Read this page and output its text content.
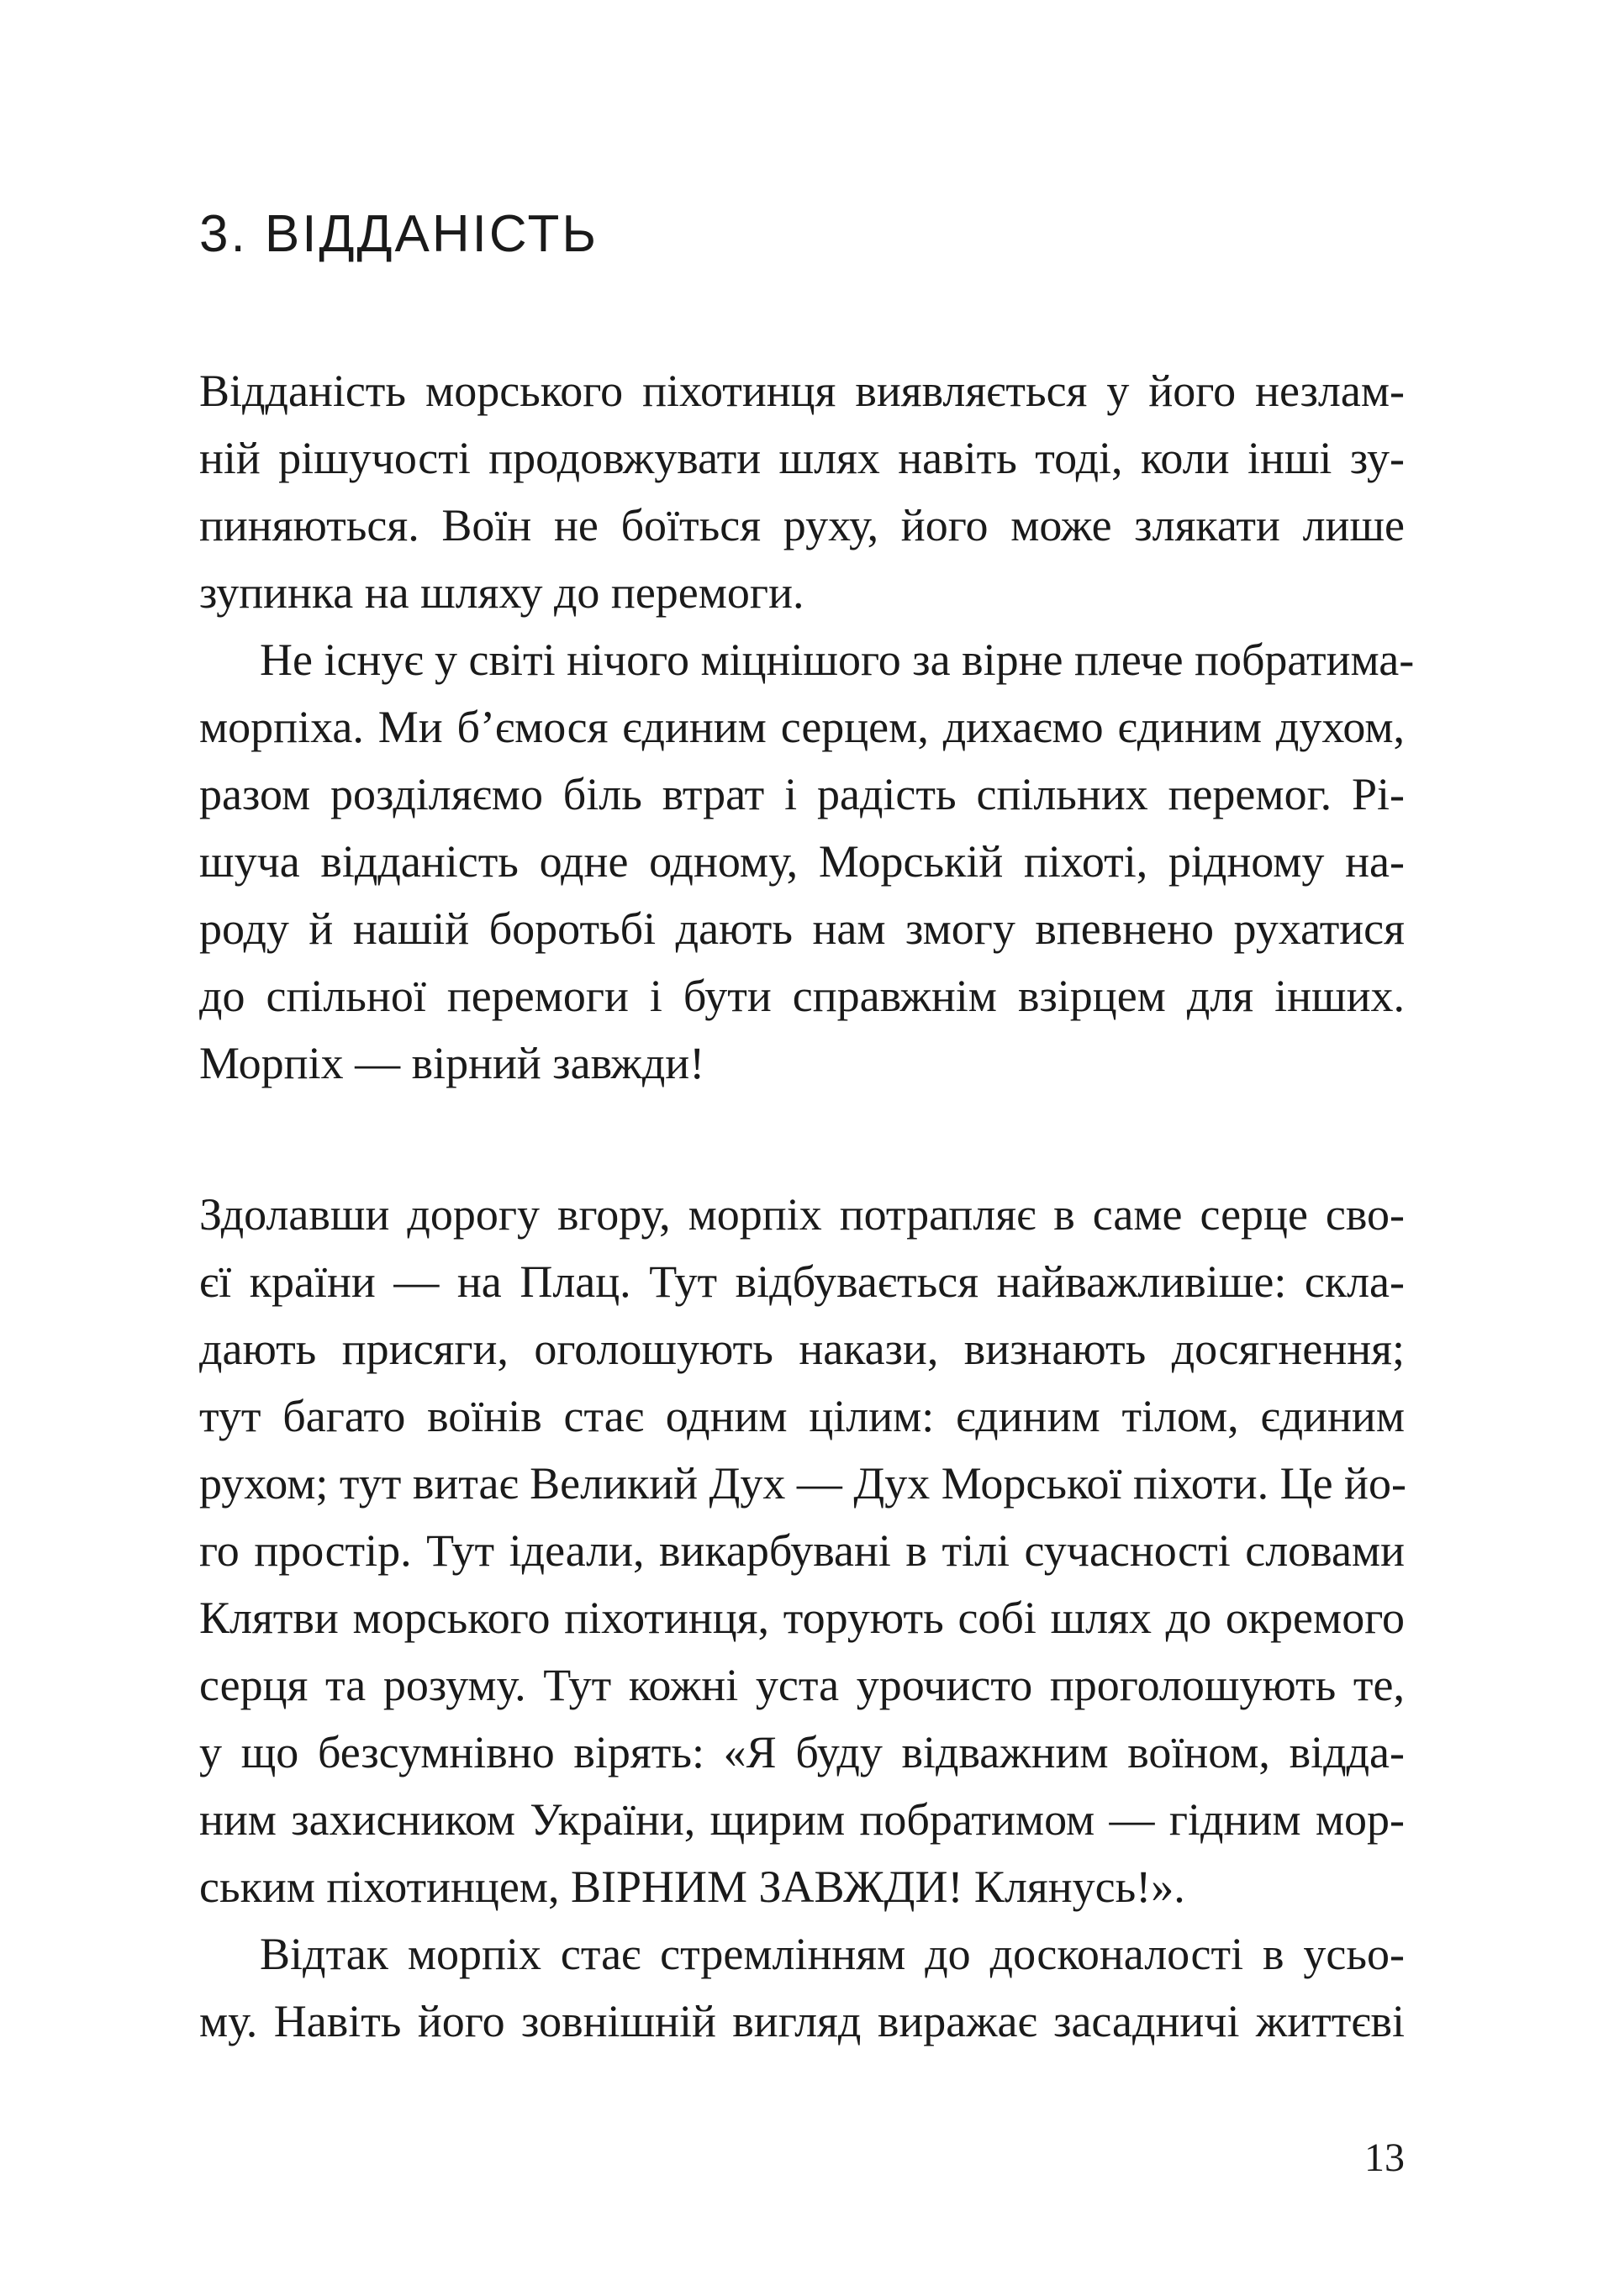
3. ВІДДАНІСТЬ
Відданість морського піхотинця виявляється у його незлам-
ній рішучості продовжувати шлях навіть тоді, коли інші зу-
пиняються. Воїн не боїться руху, його може злякати лише
зупинка на шляху до перемоги.
Не існує у світі нічого міцнішого за вірне плече побратима-
морпіха. Ми б’ємося єдиним серцем, дихаємо єдиним духом,
разом розділяємо біль втрат і радість спільних перемог. Рі-
шуча відданість одне одному, Морській піхоті, рідному на-
роду й нашій боротьбі дають нам змогу впевнено рухатися
до спільної перемоги і бути справжнім взірцем для інших.
Морпіх — вірний завжди!
Здолавши дорогу вгору, морпіх потрапляє в саме серце сво-
єї країни — на Плац. Тут відбувається найважливіше: скла-
дають присяги, оголошують накази, визнають досягнення;
тут багато воїнів стає одним цілим: єдиним тілом, єдиним
рухом; тут витає Великий Дух — Дух Морської піхоти. Це йо-
го простір. Тут ідеали, викарбувані в тілі сучасності словами
Клятви морського піхотинця, торують собі шлях до окремого
серця та розуму. Тут кожні уста урочисто проголошують те,
у що безсумнівно вірять: «Я буду відважним воїном, відда-
ним захисником України, щирим побратимом — гідним мор-
ським піхотинцем, ВІРНИМ ЗАВЖДИ! Клянусь!».
Відтак морпіх стає стремлінням до досконалості в усьо-
му. Навіть його зовнішній вигляд виражає засадничі життєві
13
